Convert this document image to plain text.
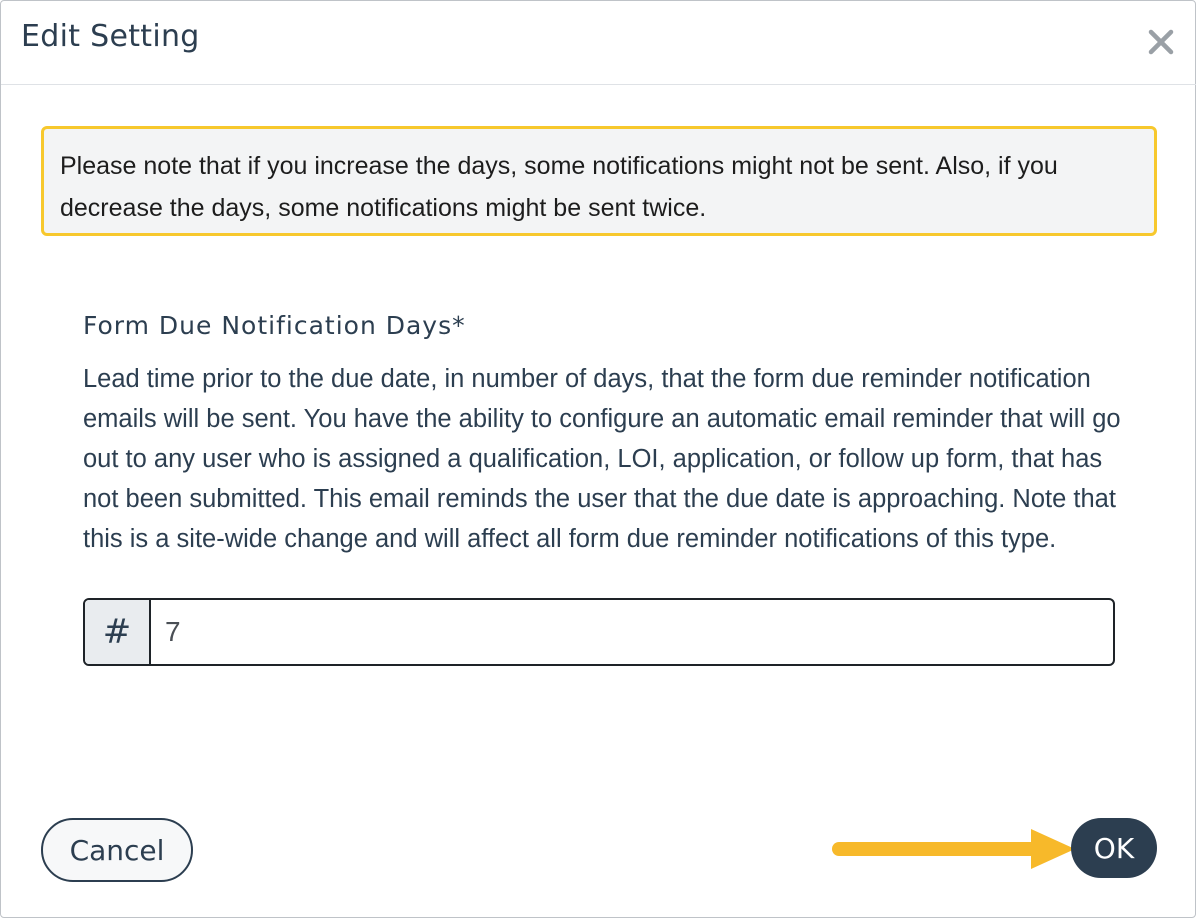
Edit Setting
Please note that if you increase the days, some notifications might not be sent. Also, if you decrease the days, some notifications might be sent twice.
Form Due Notification Days*

Lead time prior to the due date, in number of days, that the form due reminder notification emails will be sent. You have the ability to configure an automatic email reminder that will go out to any user who is assigned a qualification, LOI, application, or follow up form, that has not been submitted. This email reminds the user that the due date is approaching. Note that this is a site-wide change and will affect all form due reminder notifications of this type.

#
7
Cancel	OK
